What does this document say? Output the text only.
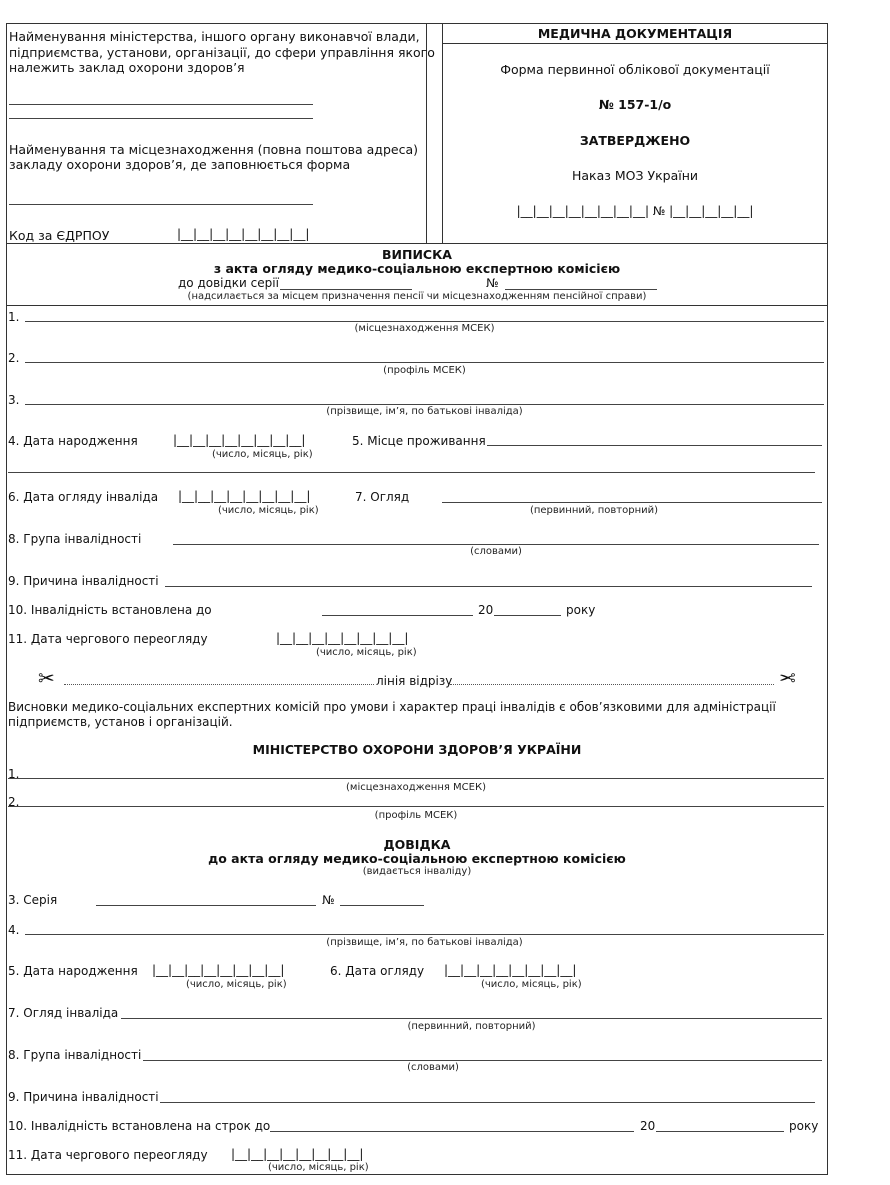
Найменування міністерства, іншого органу виконавчої влади,
підприємства, установи, організації, до сфери управління якого
належить заклад охорони здоров’я
Найменування та місцезнаходження (повна поштова адреса)
закладу охорони здоров’я, де заповнюється форма
Код за ЄДРПОУ	|__|__|__|__|__|__|__|__|
МЕДИЧНА ДОКУМЕНТАЦІЯ
Форма первинної облікової документації
№ 157-1/о
ЗАТВЕРДЖЕНО
Наказ МОЗ України
|__|__|__|__|__|__|__|__| № |__|__|__|__|__|
ВИПИСКА
з акта огляду медико-соціальною експертною комісією
до довідки серії	№
(надсилається за місцем призначення пенсії чи місцезнаходженням пенсійної справи)
1.
(місцезнаходження МСЕК)
2.
(профіль МСЕК)
3.
(прізвище, ім’я, по батькові інваліда)
4. Дата народження	|__|__|__|__|__|__|__|__|
(число, місяць, рік)
5. Місце проживання
6. Дата огляду інваліда |__|__|__|__|__|__|__|__|
(число, місяць, рік)
7. Огляд
(первинний, повторний)
8. Група інвалідності
(словами)
9. Причина інвалідності
10. Інвалідність встановлена до	20	року
11. Дата чергового переогляду	|__|__|__|__|__|__|__|__|
(число, місяць, рік)
✂	лінія відрізу	✂
Висновки медико-соціальних експертних комісій про умови і характер праці інвалідів є обов’язковими для адміністрації
підприємств, установ і організацій.
МІНІСТЕРСТВО ОХОРОНИ ЗДОРОВ’Я УКРАЇНИ
1.
(місцезнаходження МСЕК)
2.
(профіль МСЕК)
ДОВІДКА
до акта огляду медико-соціальною експертною комісією
(видається інваліду)
3. Серія	№
4.
(прізвище, ім’я, по батькові інваліда)
5. Дата народження |__|__|__|__|__|__|__|__|
(число, місяць, рік)
6. Дата огляду |__|__|__|__|__|__|__|__|
(число, місяць, рік)
7. Огляд інваліда
(первинний, повторний)
8. Група інвалідності
(словами)
9. Причина інвалідності
10. Інвалідність встановлена на строк до	20	року
11. Дата чергового переогляду |__|__|__|__|__|__|__|__|
(число, місяць, рік)
